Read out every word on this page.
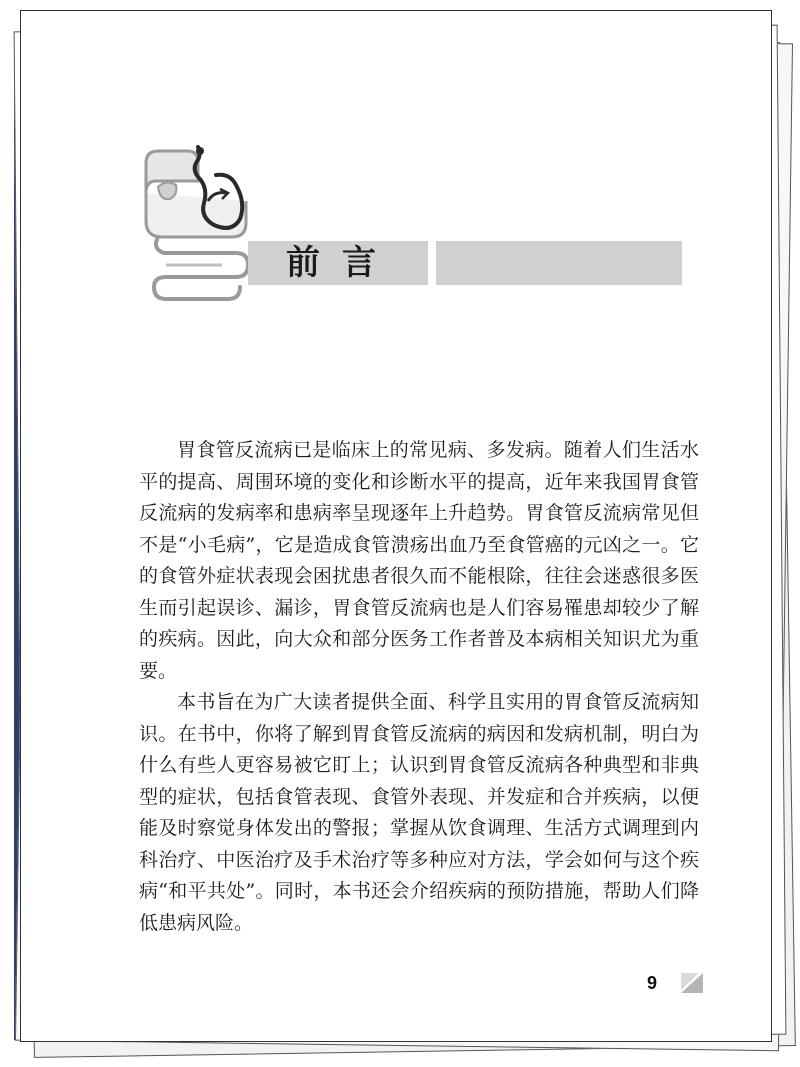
前言

胃食管反流病已是临床上的常见病、多发病。随着人们生活水平的提高、周围环境的变化和诊断水平的提高，近年来我国胃食管反流病的发病率和患病率呈现逐年上升趋势。胃食管反流病常见但不是“小毛病”，它是造成食管溃疡出血乃至食管癌的元凶之一。它的食管外症状表现会困扰患者很久而不能根除，往往会迷惑很多医生而引起误诊、漏诊，胃食管反流病也是人们容易罹患却较少了解的疾病。因此，向大众和部分医务工作者普及本病相关知识尤为重要。

本书旨在为广大读者提供全面、科学且实用的胃食管反流病知识。在书中，你将了解到胃食管反流病的病因和发病机制，明白为什么有些人更容易被它盯上；认识到胃食管反流病各种典型和非典型的症状，包括食管表现、食管外表现、并发症和合并疾病，以便能及时察觉身体发出的警报；掌握从饮食调理、生活方式调理到内科治疗、中医治疗及手术治疗等多种应对方法，学会如何与这个疾病“和平共处”。同时，本书还会介绍疾病的预防措施，帮助人们降低患病风险。

9
